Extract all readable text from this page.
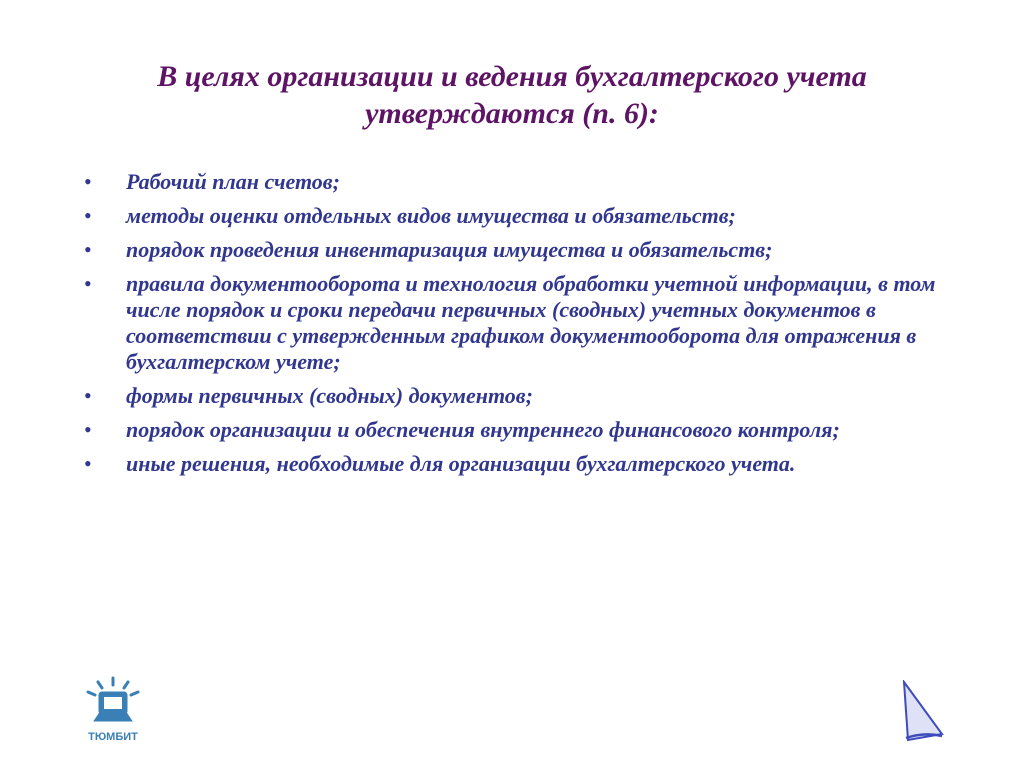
В целях организации и ведения бухгалтерского учета утверждаются (п. 6):
• Рабочий план счетов;
• методы оценки отдельных видов имущества и обязательств;
• порядок проведения инвентаризация имущества и обязательств;
• правила документооборота и технология обработки учетной информации, в том числе порядок и сроки передачи первичных (сводных) учетных документов в соответствии с утвержденным графиком документооборота для отражения в бухгалтерском учете;
• формы первичных (сводных) документов;
• порядок организации и обеспечения внутреннего финансового контроля;
• иные решения, необходимые для организации бухгалтерского учета.
ТЮМБИТ
